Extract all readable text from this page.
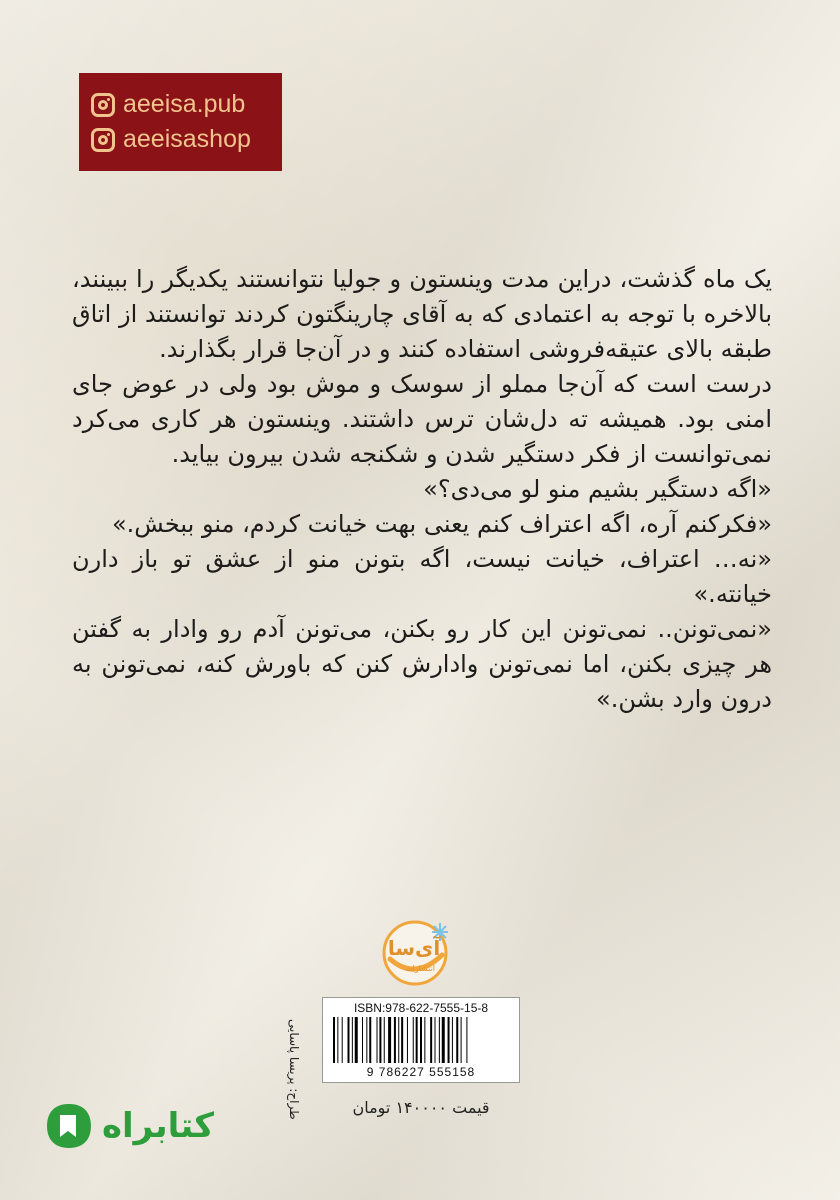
aeeisa.pub
aeeisashop

یک ماه گذشت، دراین مدت وینستون و جولیا نتوانستند یکدیگر را ببینند، بالاخره با توجه به اعتمادی که به آقای چارینگتون کردند توانستند از اتاق طبقه بالای عتیقه‌فروشی استفاده کنند و در آن‌جا قرار بگذارند.

درست است که آن‌جا مملو از سوسک و موش بود ولی در عوض جای امنی بود. همیشه ته دل‌شان ترس داشتند. وینستون هر کاری می‌کرد نمی‌توانست از فکر دستگیر شدن و شکنجه شدن بیرون بیاید.

«اگه دستگیر بشیم منو لو می‌دی؟»

«فکرکنم آره، اگه اعتراف کنم یعنی بهت خیانت کردم، منو ببخش.»

«نه… اعتراف، خیانت نیست، اگه بتونن منو از عشق تو باز دارن خیانته.»

«نمی‌تونن.. نمی‌تونن این کار رو بکنن، می‌تونن آدم رو وادار به گفتن هر چیزی بکنن، اما نمی‌تونن وادارش کنن که باورش کنه، نمی‌تونن به درون وارد بشن.»

آی‌سا
انتشارات
طراح: پریسا پاسایی
ISBN:978-622-7555-15-8
9 786227 555158
قیمت ۱۴۰۰۰۰ تومان
کتابراه
